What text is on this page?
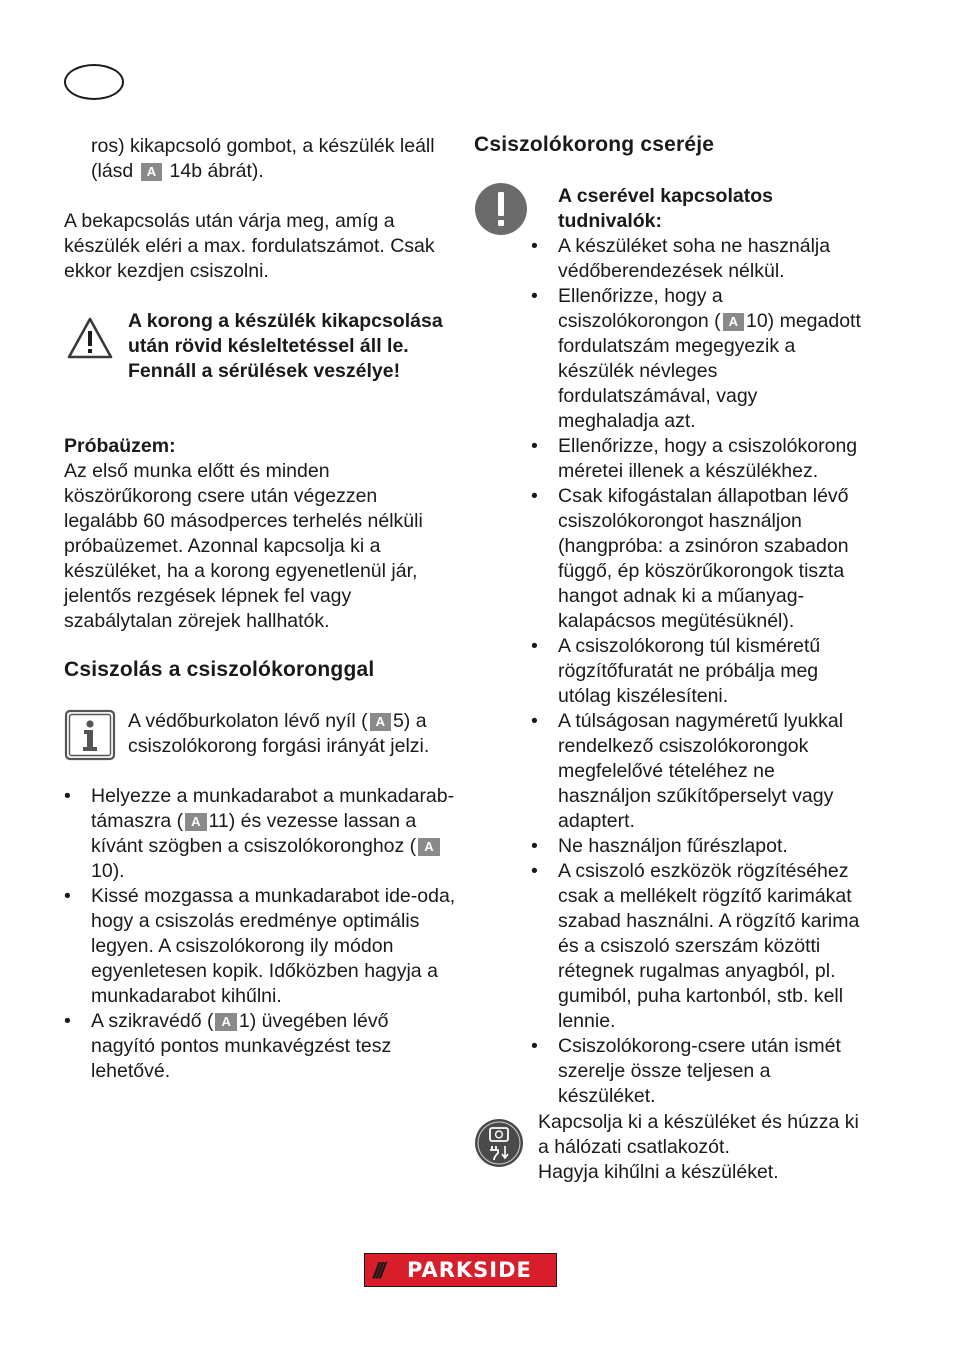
ros) kikapcsoló gombot, a készülék leáll

(lásd A 14b ábrát).

A bekapcsolás után várja meg, amíg a készülék eléri a max. fordulatszámot. Csak ekkor kezdjen csiszolni.

A korong a készülék kikapcsolása után rövid késleltetéssel áll le. Fennáll a sérülések veszélye!

Próbaüzem:

Az első munka előtt és minden köszörűkorong csere után végezzen legalább 60 másodperces terhelés nélküli próbaüzemet. Azonnal kapcsolja ki a készüléket, ha a korong egyenetlenül jár, jelentős rezgések lépnek fel vagy szabálytalan zörejek hallhatók.

Csiszolás a csiszolókoronggal

A védőburkolaton lévő nyíl ( A 5) a csiszolókorong forgási irányát jelzi.

• Helyezze a munkadarabot a munkadarab-támaszra ( A 11) és vezesse lassan a kívánt szögben a csiszolókoronghoz ( A10).
• Kissé mozgassa a munkadarabot ide-oda, hogy a csiszolás eredménye optimális legyen. A csiszolókorong ily módon egyenletesen kopik. Időközben hagyja a munkadarabot kihűlni.
• A szikravédő ( A 1) üvegében lévő nagyító pontos munkavégzést tesz lehetővé.

Csiszolókorong cseréje

A cserével kapcsolatos tudnivalók:

• A készüléket soha ne használja védőberendezések nélkül.
• Ellenőrizze, hogy a csiszolókorongon ( A 10) megadott fordulatszám megegyezik a készülék névleges fordulatszámával, vagy meghaladja azt.
• Ellenőrizze, hogy a csiszolókorong méretei illenek a készülékhez.
• Csak kifogástalan állapotban lévő csiszolókorongot használjon (hangpróba: a zsinóron szabadon függő, ép köszörűkorongok tiszta hangot adnak ki a műanyag-kalapácsos megütésüknél).
• A csiszolókorong túl kisméretű rögzítőfuratát ne próbálja meg utólag kiszélesíteni.
• A túlságosan nagyméretű lyukkal rendelkező csiszolókorongok megfelelővé tételéhez ne használjon szűkítőperselyt vagy adaptert.
• Ne használjon fűrészlapot.
• A csiszoló eszközök rögzítéséhez csak a mellékelt rögzítő karimákat szabad használni. A rögzítő karima és a csiszoló szerszám közötti rétegnek rugalmas anyagból, pl. gumiból, puha kartonból, stb. kell lennie.
• Csiszolókorong-csere után ismét szerelje össze teljesen a készüléket.

Kapcsolja ki a készüléket és húzza ki a hálózati csatlakozót.

Hagyja kihűlni a készüléket.

///	PARKSIDE
